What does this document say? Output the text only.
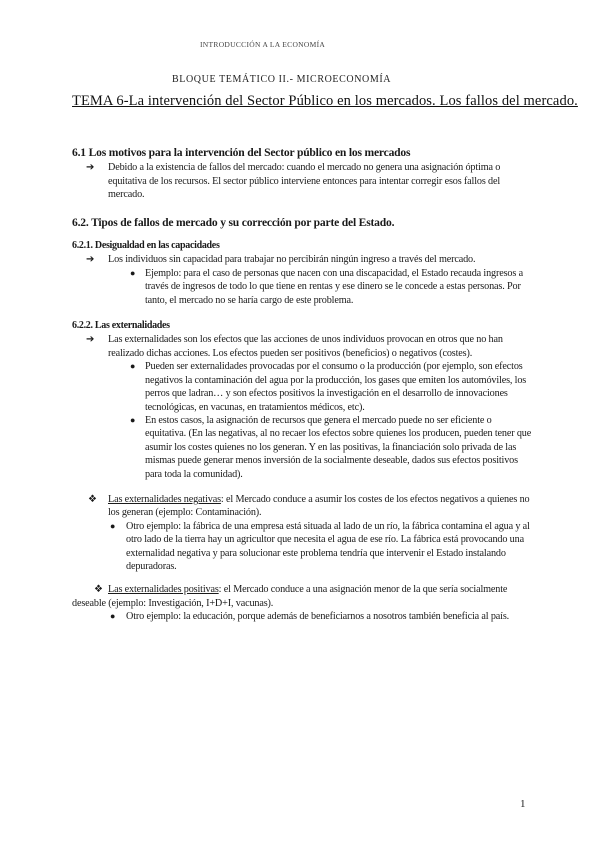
INTRODUCCIÓN A LA ECONOMÍA
BLOQUE TEMÁTICO II.- MICROECONOMÍA
TEMA 6-La intervención del Sector Público en los mercados. Los fallos del mercado.
6.1 Los motivos para la intervención del Sector público en los mercados

➔ Debido a la existencia de fallos del mercado: cuando el mercado no genera una asignación óptima o equitativa de los recursos. El sector público interviene entonces para intentar corregir esos fallos del mercado.

6.2. Tipos de fallos de mercado y su corrección por parte del Estado.
6.2.1. Desigualdad en las capacidades

➔ Los individuos sin capacidad para trabajar no percibirán ningún ingreso a través del mercado.

● Ejemplo: para el caso de personas que nacen con una discapacidad, el Estado recauda ingresos a través de ingresos de todo lo que tiene en rentas y ese dinero se le concede a estas personas. Por tanto, el mercado no se haría cargo de este problema.

6.2.2. Las externalidades

➔ Las externalidades son los efectos que las acciones de unos individuos provocan en otros que no han realizado dichas acciones. Los efectos pueden ser positivos (beneficios) o negativos (costes).

● Pueden ser externalidades provocadas por el consumo o la producción (por ejemplo, son efectos negativos la contaminación del agua por la producción, los gases que emiten los automóviles, los perros que ladran… y son efectos positivos la investigación en el desarrollo de innovaciones tecnológicas, en vacunas, en tratamientos médicos, etc).

● En estos casos, la asignación de recursos que genera el mercado puede no ser eficiente o equitativa. (En las negativas, al no recaer los efectos sobre quienes los producen, pueden tener que asumir los costes quienes no los generan. Y en las positivas, la financiación solo privada de las mismas puede generar menos inversión de la socialmente deseable, dados sus efectos positivos para toda la comunidad).

❖ Las externalidades negativas: el Mercado conduce a asumir los costes de los efectos negativos a quienes no los generan (ejemplo: Contaminación).

● Otro ejemplo: la fábrica de una empresa está situada al lado de un río, la fábrica contamina el agua y al otro lado de la tierra hay un agricultor que necesita el agua de ese río. La fábrica está provocando una externalidad negativa y para solucionar este problema tendría que intervenir el Estado instalando depuradoras.

❖ Las externalidades positivas: el Mercado conduce a una asignación menor de la que sería socialmente deseable (ejemplo: Investigación, I+D+I, vacunas).

● Otro ejemplo: la educación, porque además de beneficiarnos a nosotros también beneficia al país.

1
